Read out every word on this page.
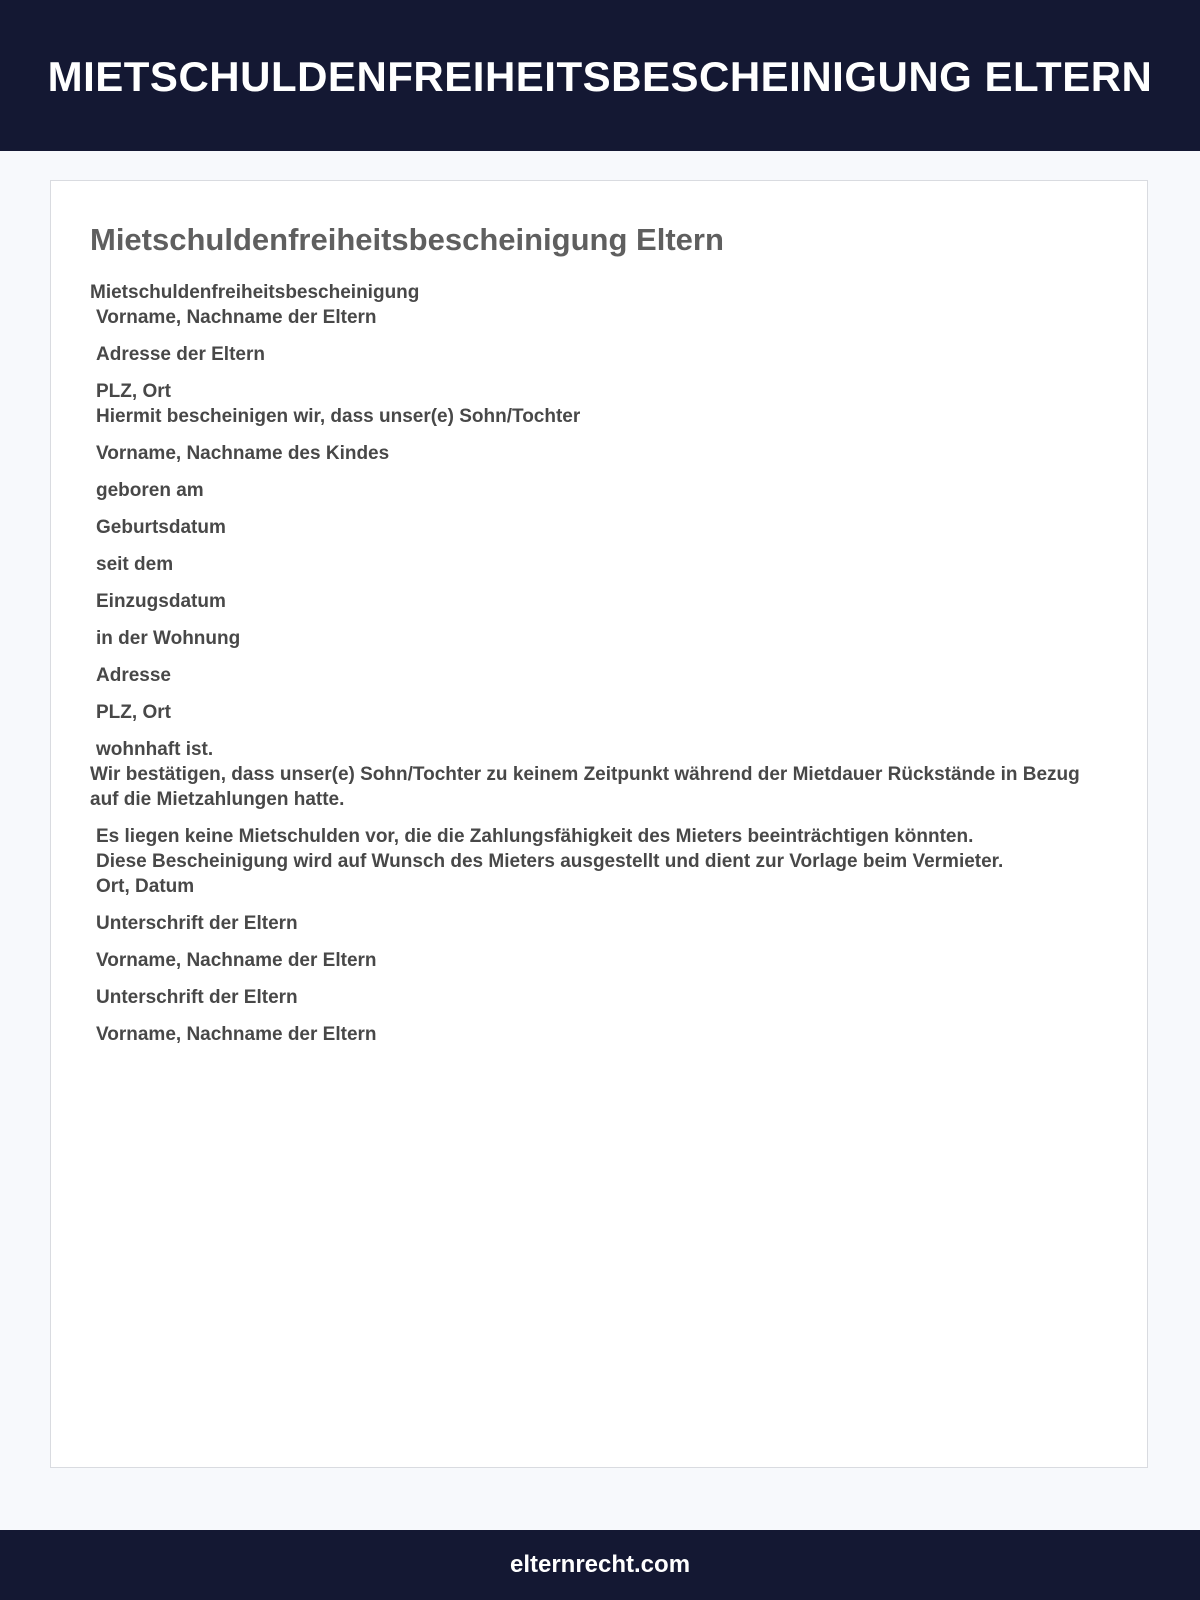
MIETSCHULDENFREIHEITSBESCHEINIGUNG ELTERN
Mietschuldenfreiheitsbescheinigung Eltern

Mietschuldenfreiheitsbescheinigung

Vorname, Nachname der Eltern

Adresse der Eltern

PLZ, Ort

Hiermit bescheinigen wir, dass unser(e) Sohn/Tochter

Vorname, Nachname des Kindes

geboren am

Geburtsdatum

seit dem

Einzugsdatum

in der Wohnung

Adresse

PLZ, Ort

wohnhaft ist.

Wir bestätigen, dass unser(e) Sohn/Tochter zu keinem Zeitpunkt während der Mietdauer Rückstände in Bezug auf die Mietzahlungen hatte.

Es liegen keine Mietschulden vor, die die Zahlungsfähigkeit des Mieters beeinträchtigen könnten.

Diese Bescheinigung wird auf Wunsch des Mieters ausgestellt und dient zur Vorlage beim Vermieter.

Ort, Datum

Unterschrift der Eltern

Vorname, Nachname der Eltern

Unterschrift der Eltern

Vorname, Nachname der Eltern

elternrecht.com
